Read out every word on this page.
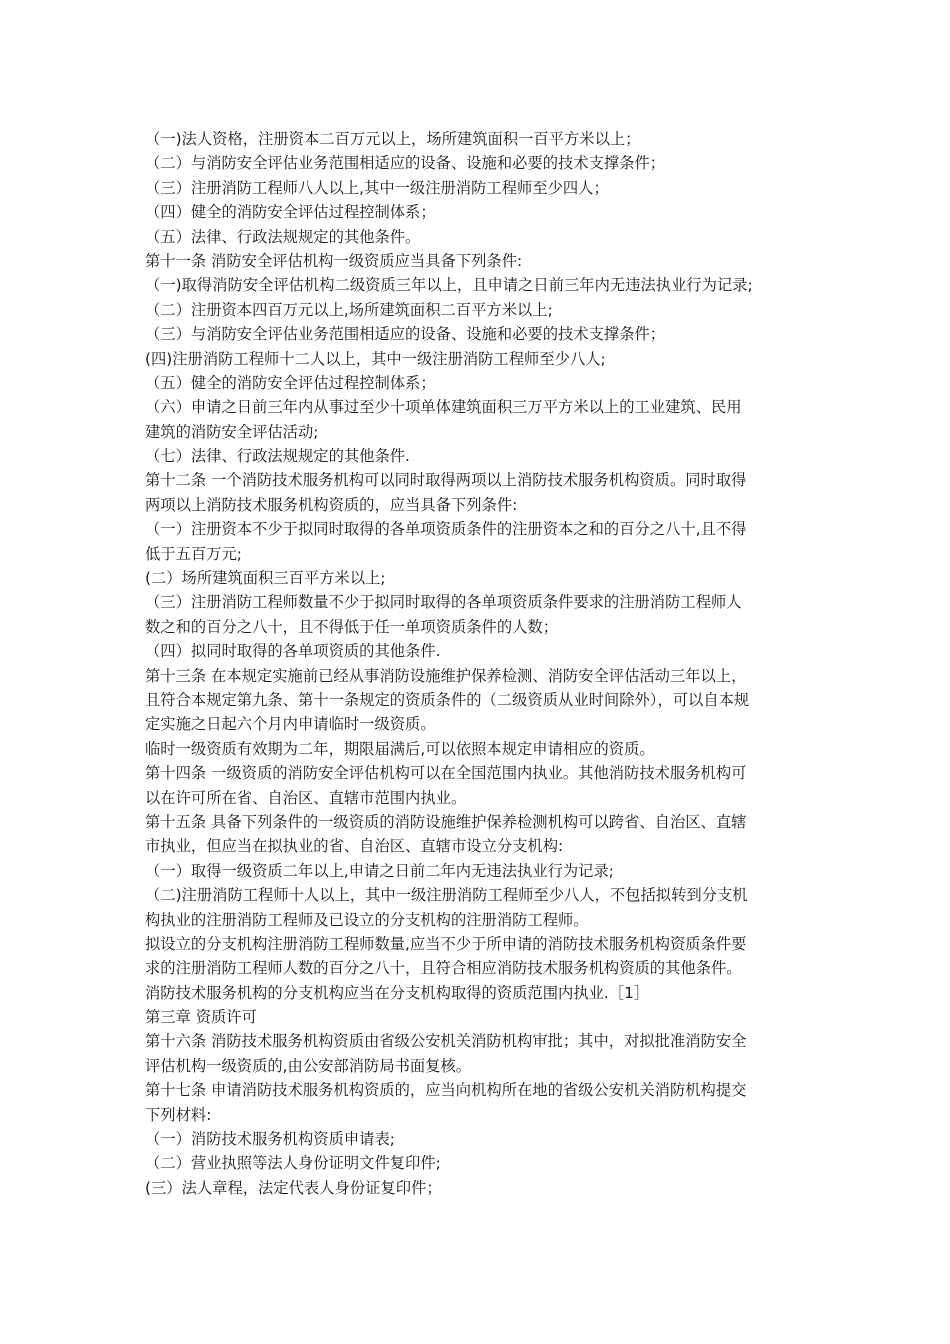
（一)法人资格，注册资本二百万元以上，场所建筑面积一百平方米以上；
（二）与消防安全评估业务范围相适应的设备、设施和必要的技术支撑条件；
（三）注册消防工程师八人以上,其中一级注册消防工程师至少四人；
（四）健全的消防安全评估过程控制体系；
（五）法律、行政法规规定的其他条件。
第十一条 消防安全评估机构一级资质应当具备下列条件:
（一)取得消防安全评估机构二级资质三年以上，且申请之日前三年内无违法执业行为记录;
（二）注册资本四百万元以上,场所建筑面积二百平方米以上;
（三）与消防安全评估业务范围相适应的设备、设施和必要的技术支撑条件；
(四)注册消防工程师十二人以上，其中一级注册消防工程师至少八人;
（五）健全的消防安全评估过程控制体系；
（六）申请之日前三年内从事过至少十项单体建筑面积三万平方米以上的工业建筑、民用
建筑的消防安全评估活动;
（七）法律、行政法规规定的其他条件.
第十二条 一个消防技术服务机构可以同时取得两项以上消防技术服务机构资质。同时取得
两项以上消防技术服务机构资质的，应当具备下列条件:
（一）注册资本不少于拟同时取得的各单项资质条件的注册资本之和的百分之八十,且不得
低于五百万元;
(二）场所建筑面积三百平方米以上;
（三）注册消防工程师数量不少于拟同时取得的各单项资质条件要求的注册消防工程师人
数之和的百分之八十，且不得低于任一单项资质条件的人数；
（四）拟同时取得的各单项资质的其他条件.
第十三条 在本规定实施前已经从事消防设施维护保养检测、消防安全评估活动三年以上，
且符合本规定第九条、第十一条规定的资质条件的（二级资质从业时间除外），可以自本规
定实施之日起六个月内申请临时一级资质。
临时一级资质有效期为二年，期限届满后,可以依照本规定申请相应的资质。
第十四条 一级资质的消防安全评估机构可以在全国范围内执业。其他消防技术服务机构可
以在许可所在省、自治区、直辖市范围内执业。
第十五条 具备下列条件的一级资质的消防设施维护保养检测机构可以跨省、自治区、直辖
市执业，但应当在拟执业的省、自治区、直辖市设立分支机构:
（一）取得一级资质二年以上,申请之日前二年内无违法执业行为记录;
（二)注册消防工程师十人以上，其中一级注册消防工程师至少八人，不包括拟转到分支机
构执业的注册消防工程师及已设立的分支机构的注册消防工程师。
拟设立的分支机构注册消防工程师数量,应当不少于所申请的消防技术服务机构资质条件要
求的注册消防工程师人数的百分之八十，且符合相应消防技术服务机构资质的其他条件。
消防技术服务机构的分支机构应当在分支机构取得的资质范围内执业.［1］
第三章 资质许可
第十六条 消防技术服务机构资质由省级公安机关消防机构审批；其中，对拟批准消防安全
评估机构一级资质的,由公安部消防局书面复核。
第十七条 申请消防技术服务机构资质的，应当向机构所在地的省级公安机关消防机构提交
下列材料:
（一）消防技术服务机构资质申请表;
（二）营业执照等法人身份证明文件复印件;
(三）法人章程，法定代表人身份证复印件；
